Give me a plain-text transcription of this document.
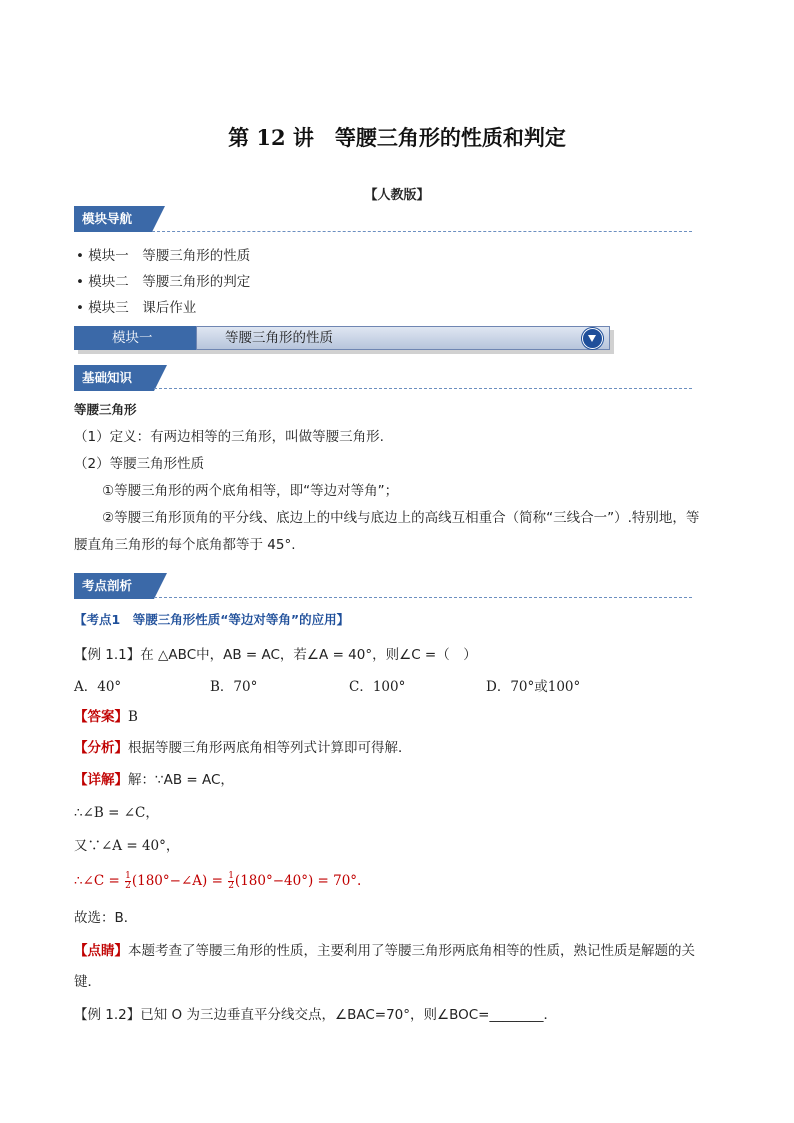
第 12 讲　等腰三角形的性质和判定
【人教版】
模块导航
• 模块一　等腰三角形的性质
• 模块二　等腰三角形的判定
• 模块三　课后作业
模块一	等腰三角形的性质
基础知识
等腰三角形
（1）定义：有两边相等的三角形，叫做等腰三角形.
（2）等腰三角形性质
①等腰三角形的两个底角相等，即“等边对等角”；
②等腰三角形顶角的平分线、底边上的中线与底边上的高线互相重合（简称“三线合一”）.特别地，等
腰直角三角形的每个底角都等于 45°.
考点剖析
【考点1　等腰三角形性质“等边对等角”的应用】
【例 1.1】在 △ABC中，AB = AC，若∠A = 40°，则∠C =（　）
A．40°	B．70°	C．100°	D．70°或100°
【答案】B
【分析】根据等腰三角形两底角相等列式计算即可得解．
【详解】解：∵AB = AC，
∴∠B = ∠C，
又∵∠A = 40°，
∴∠C = $\frac{1}{2}$ (180°−∠A) = $\frac{1}{2} (180^\circ-40^\circ) = 70^\circ$.
故选：B．
【点睛】本题考查了等腰三角形的性质，主要利用了等腰三角形两底角相等的性质，熟记性质是解题的关
键．
【例 1.2】已知 O 为三边垂直平分线交点，∠BAC=70°，则∠BOC=________．
